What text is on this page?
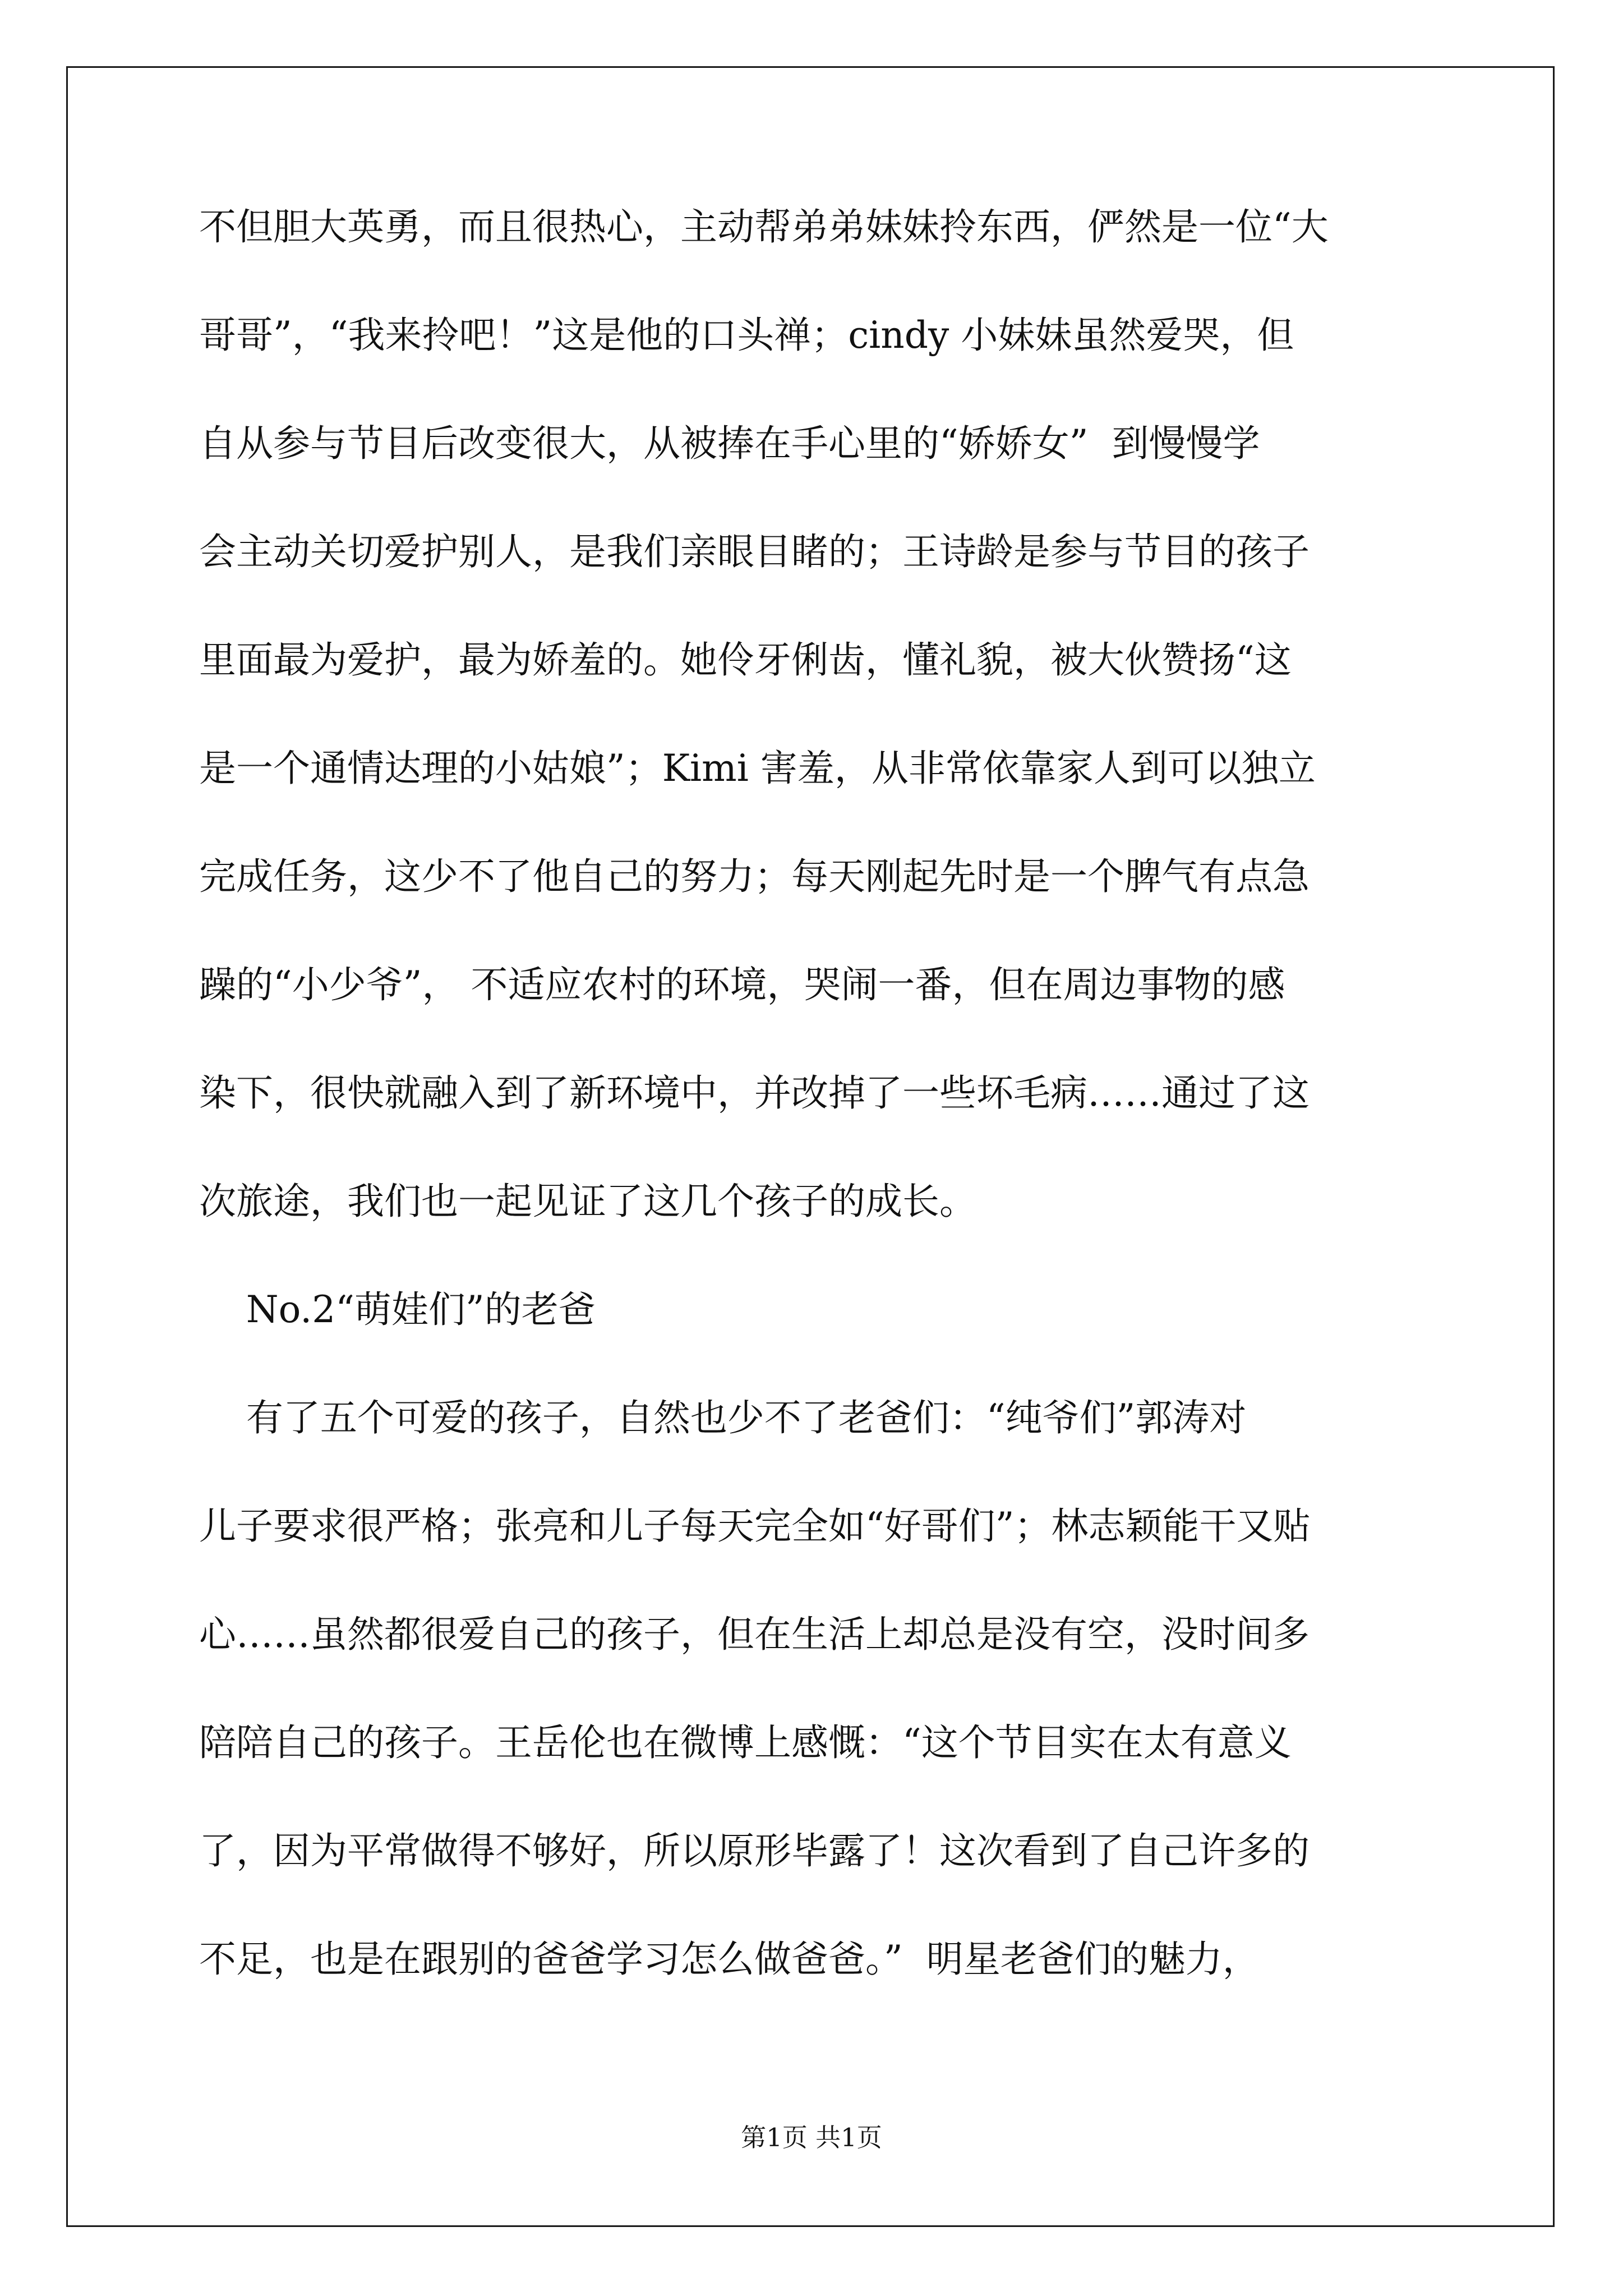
不但胆大英勇，而且很热心，主动帮弟弟妹妹拎东西，俨然是一位“大
哥哥”，“我来拎吧！”这是他的口头禅；cindy 小妹妹虽然爱哭，但
自从参与节目后改变很大，从被捧在手心里的“娇娇女”  到慢慢学
会主动关切爱护别人，是我们亲眼目睹的；王诗龄是参与节目的孩子
里面最为爱护，最为娇羞的。她伶牙俐齿，懂礼貌，被大伙赞扬“这
是一个通情达理的小姑娘”；Kimi 害羞，从非常依靠家人到可以独立
完成任务，这少不了他自己的努力；每天刚起先时是一个脾气有点急
躁的“小少爷”， 不适应农村的环境，哭闹一番，但在周边事物的感
染下，很快就融入到了新环境中，并改掉了一些坏毛病……通过了这
次旅途，我们也一起见证了这几个孩子的成长。
No.2“萌娃们”的老爸
有了五个可爱的孩子，自然也少不了老爸们：“纯爷们”郭涛对
儿子要求很严格；张亮和儿子每天完全如“好哥们”；林志颖能干又贴
心……虽然都很爱自己的孩子，但在生活上却总是没有空，没时间多
陪陪自己的孩子。王岳伦也在微博上感慨：“这个节目实在太有意义
了，因为平常做得不够好，所以原形毕露了！这次看到了自己许多的
不足，也是在跟别的爸爸学习怎么做爸爸。”  明星老爸们的魅力，
第1页 共1页
